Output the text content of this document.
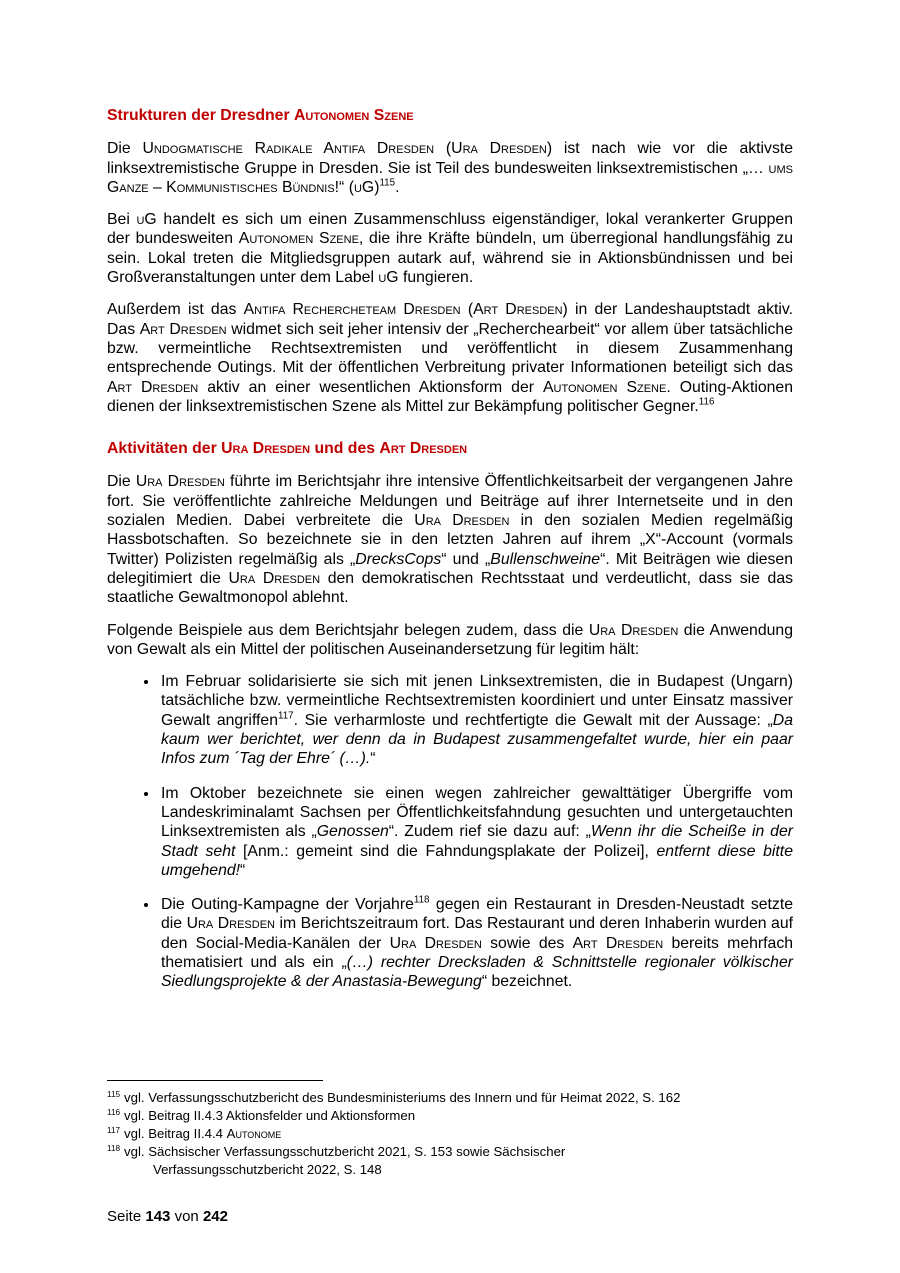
Strukturen der Dresdner Autonomen Szene

Die Undogmatische Radikale Antifa Dresden (Ura Dresden) ist nach wie vor die aktivste linksextremistische Gruppe in Dresden. Sie ist Teil des bundesweiten linksextremistischen „… ums Ganze – Kommunistisches Bündnis!“ (uG)$^{115}$.

Bei uG handelt es sich um einen Zusammenschluss eigenständiger, lokal verankerter Gruppen der bundesweiten Autonomen Szene, die ihre Kräfte bündeln, um überregional handlungsfähig zu sein. Lokal treten die Mitgliedsgruppen autark auf, während sie in Aktionsbündnissen und bei Großveranstaltungen unter dem Label uG fungieren.

Außerdem ist das Antifa Rechercheteam Dresden (Art Dresden) in der Landeshauptstadt aktiv. Das Art Dresden widmet sich seit jeher intensiv der „Recherchearbeit“ vor allem über tatsächliche bzw. vermeintliche Rechtsextremisten und veröffentlicht in diesem Zusammenhang entsprechende Outings. Mit der öffentlichen Verbreitung privater Informationen beteiligt sich das Art Dresden aktiv an einer wesentlichen Aktionsform der Autonomen Szene. Outing-Aktionen dienen der linksextremistischen Szene als Mittel zur Bekämpfung politischer Gegner.$^{116}$

Aktivitäten der Ura Dresden und des Art Dresden

Die Ura Dresden führte im Berichtsjahr ihre intensive Öffentlichkeitsarbeit der vergangenen Jahre fort. Sie veröffentlichte zahlreiche Meldungen und Beiträge auf ihrer Internetseite und in den sozialen Medien. Dabei verbreitete die Ura Dresden in den sozialen Medien regelmäßig Hassbotschaften. So bezeichnete sie in den letzten Jahren auf ihrem „X“-Account (vormals Twitter) Polizisten regelmäßig als „DrecksCops“ und „Bullenschweine“. Mit Beiträgen wie diesen delegitimiert die Ura Dresden den demokratischen Rechtsstaat und verdeutlicht, dass sie das staatliche Gewaltmonopol ablehnt.

Folgende Beispiele aus dem Berichtsjahr belegen zudem, dass die Ura Dresden die Anwendung von Gewalt als ein Mittel der politischen Auseinandersetzung für legitim hält:

• Im Februar solidarisierte sie sich mit jenen Linksextremisten, die in Budapest (Ungarn) tatsächliche bzw. vermeintliche Rechtsextremisten koordiniert und unter Einsatz massiver Gewalt angriffen$^{117}$. Sie verharmloste und rechtfertigte die Gewalt mit der Aussage: „Da kaum wer berichtet, wer denn da in Budapest zusammengefaltet wurde, hier ein paar Infos zum ´Tag der Ehre´ (…).“
• Im Oktober bezeichnete sie einen wegen zahlreicher gewalttätiger Übergriffe vom Landeskriminalamt Sachsen per Öffentlichkeitsfahndung gesuchten und untergetauchten Linksextremisten als „Genossen“. Zudem rief sie dazu auf: „Wenn ihr die Scheiße in der Stadt seht [Anm.: gemeint sind die Fahndungsplakate der Polizei], entfernt diese bitte umgehend!“
• Die Outing-Kampagne der Vorjahre$^{118}$ gegen ein Restaurant in Dresden-Neustadt setzte die Ura Dresden im Berichtszeitraum fort. Das Restaurant und deren Inhaberin wurden auf den Social-Media-Kanälen der Ura Dresden sowie des Art Dresden bereits mehrfach thematisiert und als ein „(…) rechter Drecksladen & Schnittstelle regionaler völkischer Siedlungsprojekte & der Anastasia-Bewegung“ bezeichnet.
$^{115}$ vgl. Verfassungsschutzbericht des Bundesministeriums des Innern und für Heimat 2022, S. 162
$^{116}$ vgl. Beitrag II.4.3 Aktionsfelder und Aktionsformen
$^{117}$ vgl. Beitrag II.4.4 Autonome
$^{118}$ vgl. Sächsischer Verfassungsschutzbericht 2021, S. 153 sowie Sächsischer
Verfassungsschutzbericht 2022, S. 148
Seite 143 von 242
